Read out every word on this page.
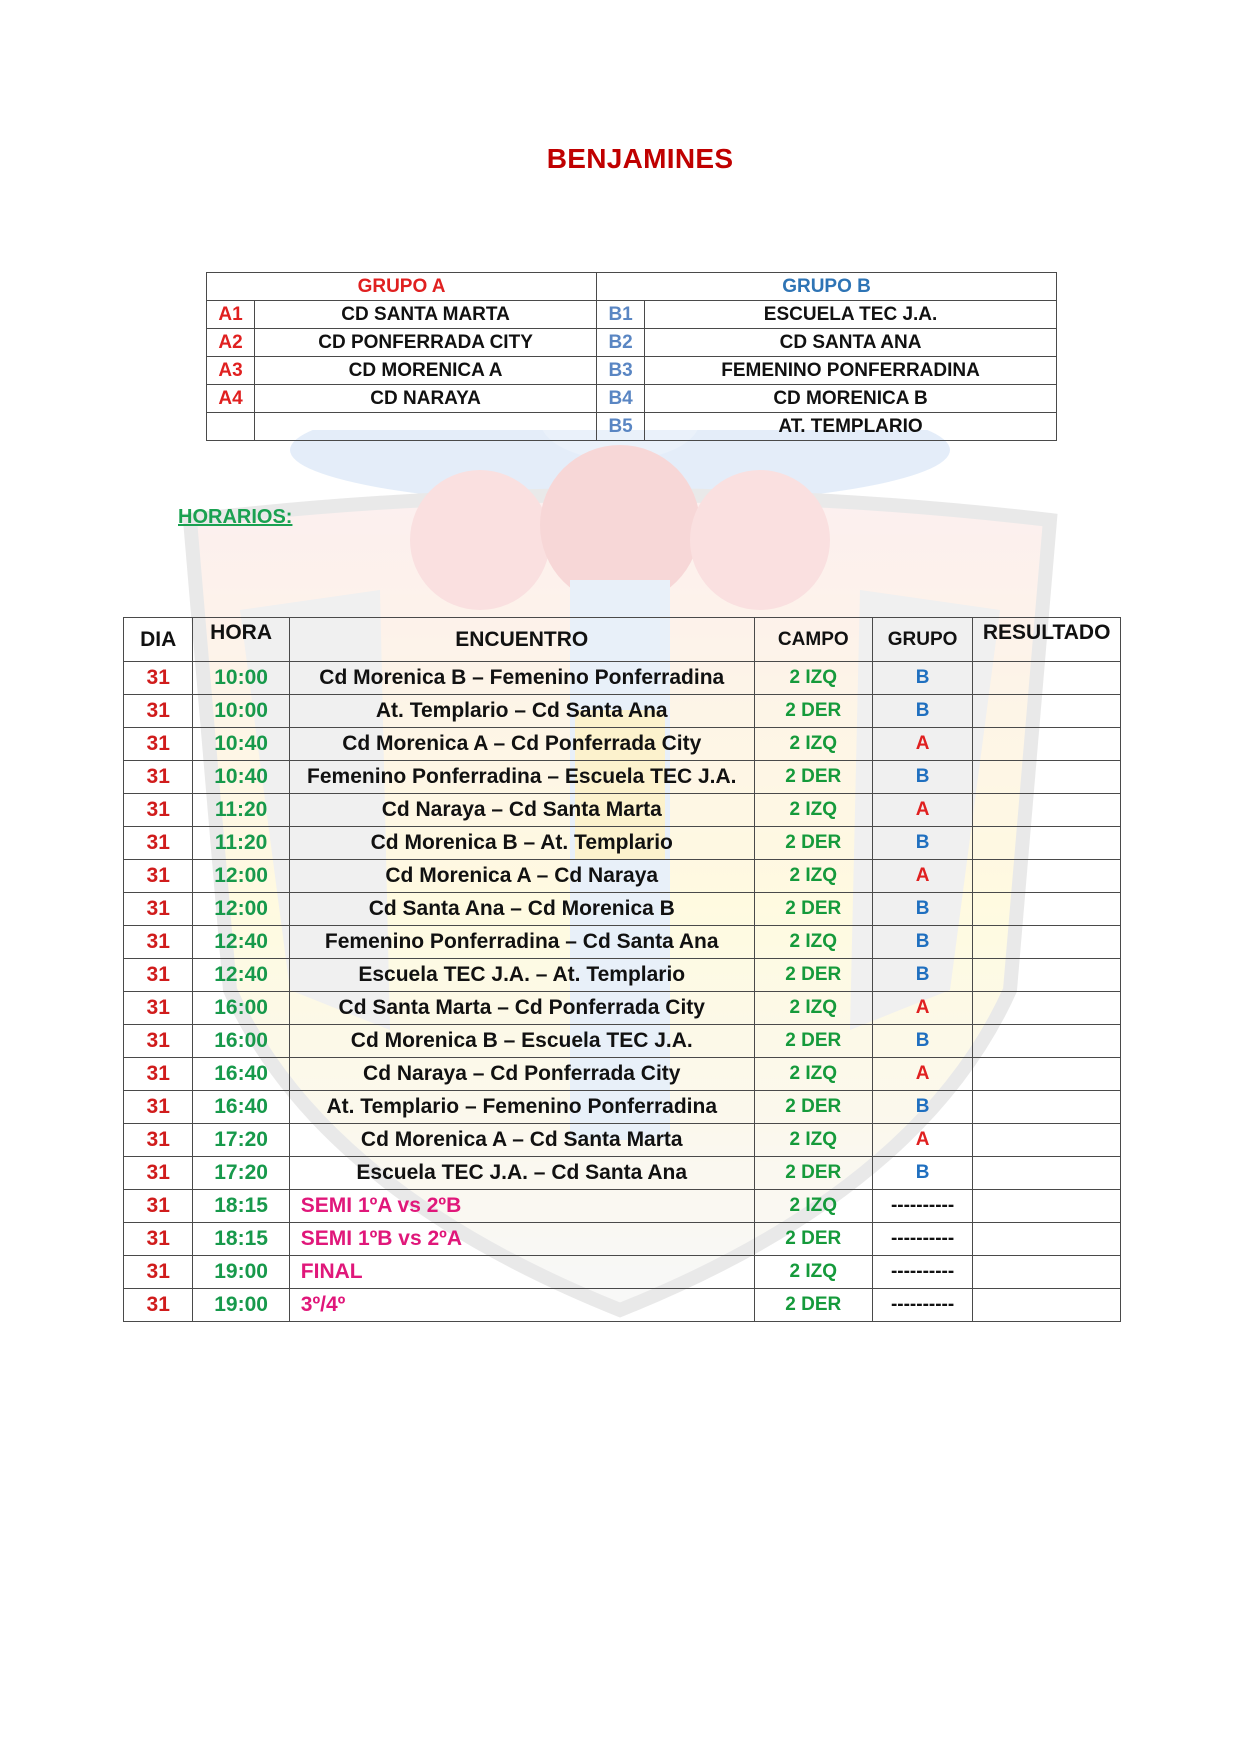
BENJAMINES
GRUPO A		GRUPO B	
A1	CD SANTA MARTA	B1	ESCUELA TEC J.A.
A2	CD PONFERRADA CITY	B2	CD SANTA ANA
A3	CD MORENICA A	B3	FEMENINO PONFERRADINA
A4	CD NARAYA	B4	CD MORENICA B
		B5	AT. TEMPLARIO
HORARIOS:
DIA	HORA	ENCUENTRO	CAMPO	GRUPO	RESULTADO
31	10:00	Cd Morenica B – Femenino Ponferradina	2 IZQ	B	
31	10:00	At. Templario – Cd Santa Ana	2 DER	B	
31	10:40	Cd Morenica A – Cd Ponferrada City	2 IZQ	A	
31	10:40	Femenino Ponferradina – Escuela TEC J.A.	2 DER	B	
31	11:20	Cd Naraya – Cd Santa Marta	2 IZQ	A	
31	11:20	Cd Morenica B – At. Templario	2 DER	B	
31	12:00	Cd Morenica A – Cd Naraya	2 IZQ	A	
31	12:00	Cd Santa Ana – Cd Morenica B	2 DER	B	
31	12:40	Femenino Ponferradina – Cd Santa Ana	2 IZQ	B	
31	12:40	Escuela TEC J.A. – At. Templario	2 DER	B	
31	16:00	Cd Santa Marta – Cd Ponferrada City	2 IZQ	A	
31	16:00	Cd Morenica B – Escuela TEC J.A.	2 DER	B	
31	16:40	Cd Naraya – Cd Ponferrada City	2 IZQ	A	
31	16:40	At. Templario – Femenino Ponferradina	2 DER	B	
31	17:20	Cd Morenica A – Cd Santa Marta	2 IZQ	A	
31	17:20	Escuela TEC J.A. – Cd Santa Ana	2 DER	B	
31	18:15	SEMI 1ºA vs 2ºB	2 IZQ	----------	
31	18:15	SEMI 1ºB vs 2ºA	2 DER	----------	
31	19:00	FINAL	2 IZQ	----------	
31	19:00	3º/4º	2 DER	----------	
